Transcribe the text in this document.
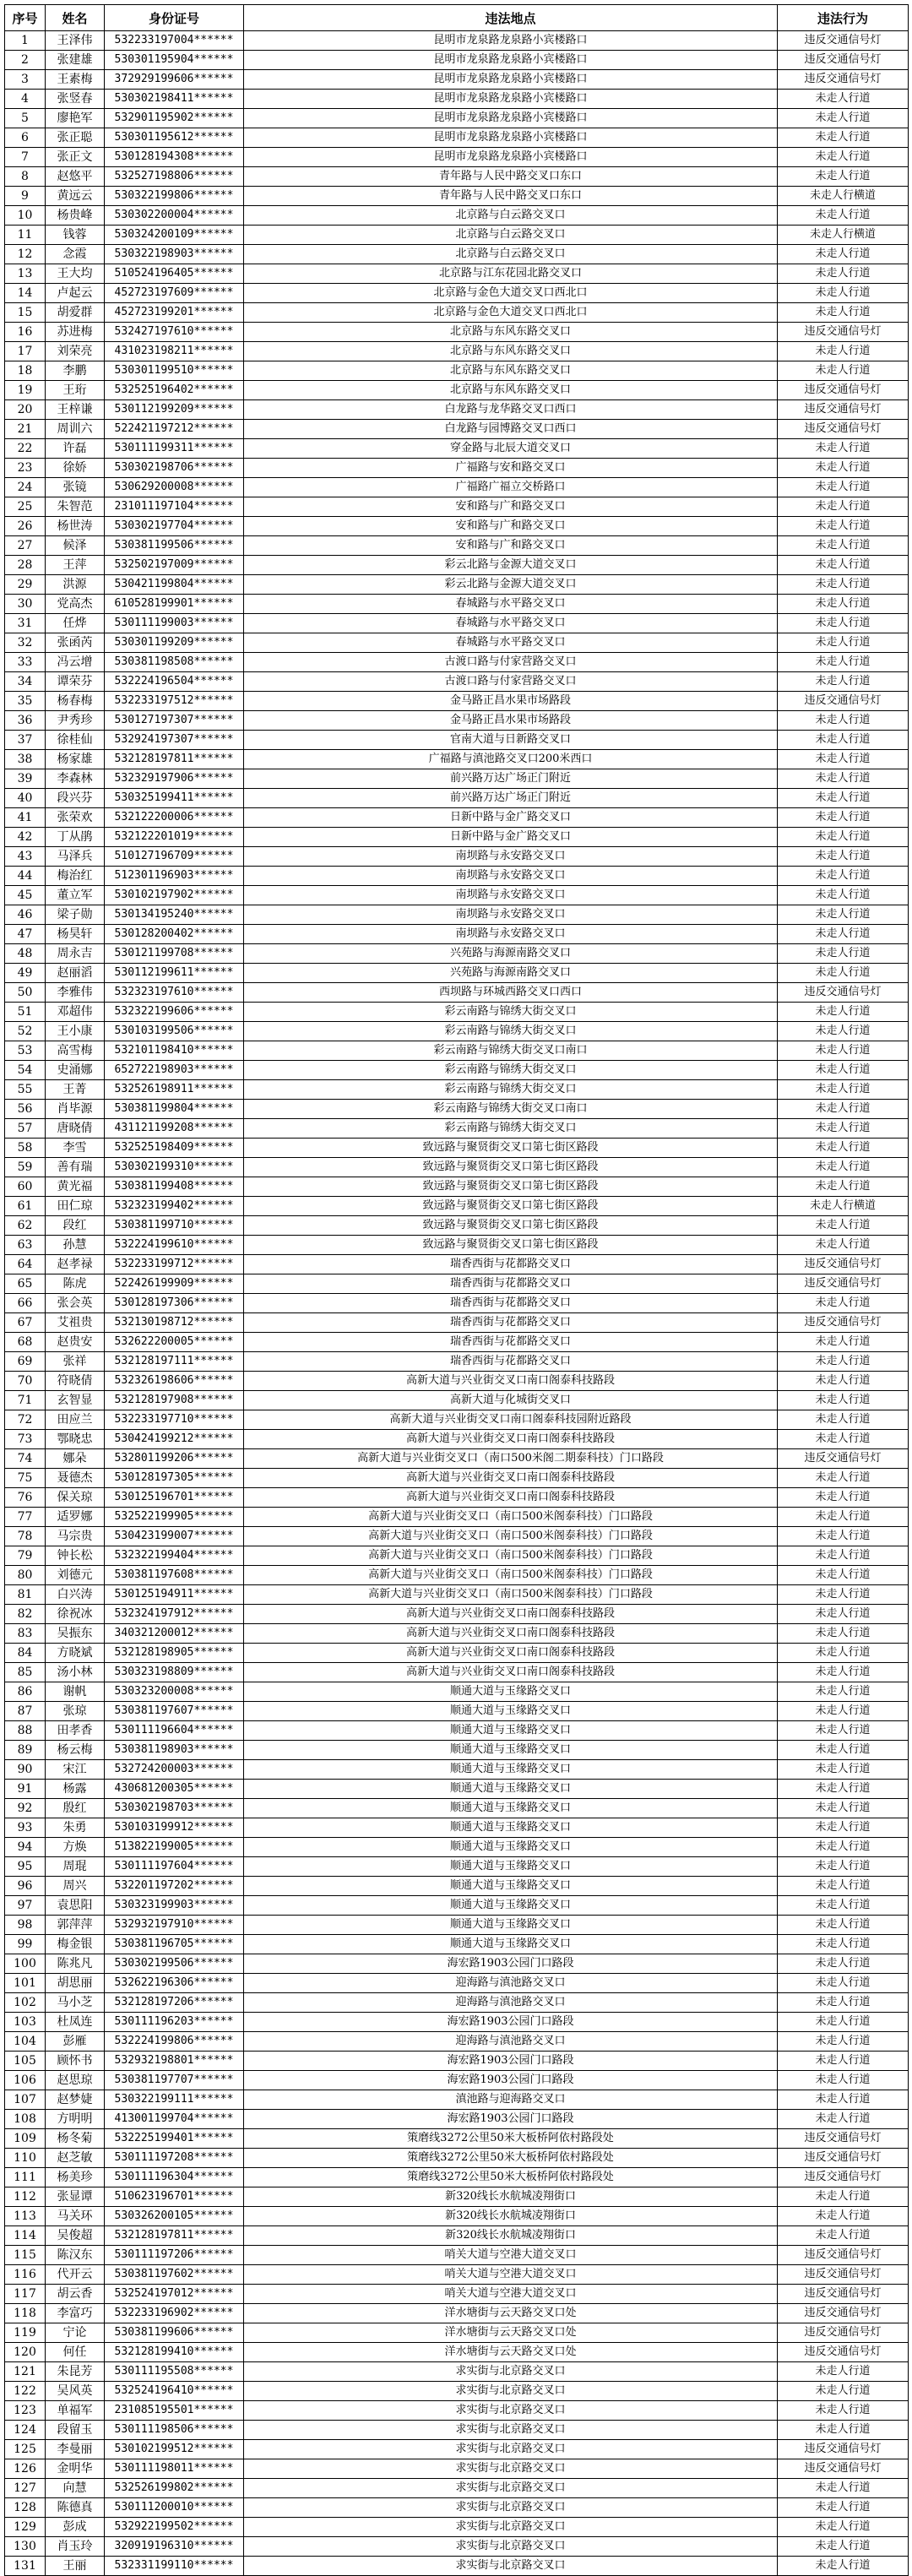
序号	姓名	身份证号	违法地点	违法行为
1	王泽伟	532233197004******	昆明市龙泉路龙泉路小宾楼路口	违反交通信号灯
2	张建雄	530301195904******	昆明市龙泉路龙泉路小宾楼路口	违反交通信号灯
3	王素梅	372929199606******	昆明市龙泉路龙泉路小宾楼路口	违反交通信号灯
4	张竖春	530302198411******	昆明市龙泉路龙泉路小宾楼路口	未走人行道
5	廖艳军	532901195902******	昆明市龙泉路龙泉路小宾楼路口	未走人行道
6	张正聪	530301195612******	昆明市龙泉路龙泉路小宾楼路口	未走人行道
7	张正文	530128194308******	昆明市龙泉路龙泉路小宾楼路口	未走人行道
8	赵悠平	532527198806******	青年路与人民中路交叉口东口	未走人行道
9	黄远云	530322199806******	青年路与人民中路交叉口东口	未走人行横道
10	杨贵峰	530302200004******	北京路与白云路交叉口	未走人行道
11	钱蓉	530324200109******	北京路与白云路交叉口	未走人行横道
12	念霞	530322198903******	北京路与白云路交叉口	未走人行道
13	王大均	510524196405******	北京路与江东花园北路交叉口	未走人行道
14	卢起云	452723197609******	北京路与金色大道交叉口西北口	未走人行道
15	胡爱群	452723199201******	北京路与金色大道交叉口西北口	未走人行道
16	苏进梅	532427197610******	北京路与东风东路交叉口	违反交通信号灯
17	刘荣亮	431023198211******	北京路与东风东路交叉口	未走人行道
18	李鹏	530301199510******	北京路与东风东路交叉口	未走人行道
19	王珩	532525196402******	北京路与东风东路交叉口	违反交通信号灯
20	王梓谦	530112199209******	白龙路与龙华路交叉口西口	违反交通信号灯
21	周训六	522421197212******	白龙路与园博路交叉口西口	违反交通信号灯
22	许磊	530111199311******	穿金路与北辰大道交叉口	未走人行道
23	徐娇	530302198706******	广福路与安和路交叉口	未走人行道
24	张镜	530629200008******	广福路广福立交桥路口	未走人行道
25	朱智范	231011197104******	安和路与广和路交叉口	未走人行道
26	杨世涛	530302197704******	安和路与广和路交叉口	未走人行道
27	候泽	530381199506******	安和路与广和路交叉口	未走人行道
28	王萍	532502197009******	彩云北路与金源大道交叉口	未走人行道
29	洪源	530421199804******	彩云北路与金源大道交叉口	未走人行道
30	党高杰	610528199901******	春城路与水平路交叉口	未走人行道
31	任烨	530111199003******	春城路与水平路交叉口	未走人行道
32	张函芮	530301199209******	春城路与水平路交叉口	未走人行道
33	冯云增	530381198508******	古渡口路与付家营路交叉口	未走人行道
34	谭荣芬	532224196504******	古渡口路与付家营路交叉口	未走人行道
35	杨春梅	532233197512******	金马路正昌水果市场路段	违反交通信号灯
36	尹秀珍	530127197307******	金马路正昌水果市场路段	未走人行道
37	徐桂仙	532924197307******	官南大道与日新路交叉口	未走人行道
38	杨家雄	532128197811******	广福路与滇池路交叉口200米西口	未走人行道
39	李森林	532329197906******	前兴路万达广场正门附近	未走人行道
40	段兴芬	530325199411******	前兴路万达广场正门附近	未走人行道
41	张荣欢	532122200006******	日新中路与金广路交叉口	未走人行道
42	丁从鹃	532122201019******	日新中路与金广路交叉口	未走人行道
43	马泽兵	510127196709******	南坝路与永安路交叉口	未走人行道
44	梅治红	512301196903******	南坝路与永安路交叉口	未走人行道
45	董立军	530102197902******	南坝路与永安路交叉口	未走人行道
46	梁子勋	530134195240******	南坝路与永安路交叉口	未走人行道
47	杨昊轩	530128200402******	南坝路与永安路交叉口	未走人行道
48	周永吉	530121199708******	兴苑路与海源南路交叉口	未走人行道
49	赵丽滔	530112199611******	兴苑路与海源南路交叉口	未走人行道
50	李雅伟	532323197610******	西坝路与环城西路交叉口西口	违反交通信号灯
51	邓超伟	532322199606******	彩云南路与锦绣大街交叉口	未走人行道
52	王小康	530103199506******	彩云南路与锦绣大街交叉口	未走人行道
53	高雪梅	532101198410******	彩云南路与锦绣大街交叉口南口	未走人行道
54	史涌娜	652722198903******	彩云南路与锦绣大街交叉口	未走人行道
55	王菁	532526198911******	彩云南路与锦绣大街交叉口	未走人行道
56	肖毕源	530381199804******	彩云南路与锦绣大街交叉口南口	未走人行道
57	唐晓倩	431121199208******	彩云南路与锦绣大街交叉口	未走人行道
58	李雪	532525198409******	致远路与聚贤街交叉口第七街区路段	未走人行道
59	善有瑞	530302199310******	致远路与聚贤街交叉口第七街区路段	未走人行道
60	黄光福	530381199408******	致远路与聚贤街交叉口第七街区路段	未走人行道
61	田仁琼	532323199402******	致远路与聚贤街交叉口第七街区路段	未走人行横道
62	段红	530381199710******	致远路与聚贤街交叉口第七街区路段	未走人行道
63	孙慧	532224199610******	致远路与聚贤街交叉口第七街区路段	未走人行道
64	赵孝禄	532233199712******	瑞香西街与花都路交叉口	违反交通信号灯
65	陈虎	522426199909******	瑞香西街与花都路交叉口	违反交通信号灯
66	张会英	530128197306******	瑞香西街与花都路交叉口	未走人行道
67	艾祖贵	532130198712******	瑞香西街与花都路交叉口	违反交通信号灯
68	赵贵安	532622200005******	瑞香西街与花都路交叉口	未走人行道
69	张祥	532128197111******	瑞香西街与花都路交叉口	未走人行道
70	符晓倩	532326198606******	高新大道与兴业街交叉口南口阁泰科技路段	未走人行道
71	玄智显	532128197908******	高新大道与化城街交叉口	未走人行道
72	田应兰	532233197710******	高新大道与兴业街交叉口南口阁泰科技园附近路段	未走人行道
73	鄂晓忠	530424199212******	高新大道与兴业街交叉口南口阁泰科技路段	未走人行道
74	娜朵	532801199206******	高新大道与兴业街交叉口（南口500米阁二期泰科技）门口路段	违反交通信号灯
75	聂德杰	530128197305******	高新大道与兴业街交叉口南口阁泰科技路段	未走人行道
76	保关琼	530125196701******	高新大道与兴业街交叉口南口阁泰科技路段	未走人行道
77	适罗娜	532522199905******	高新大道与兴业街交叉口（南口500米阁泰科技）门口路段	未走人行道
78	马宗贵	530423199007******	高新大道与兴业街交叉口（南口500米阁泰科技）门口路段	未走人行道
79	钟长松	532322199404******	高新大道与兴业街交叉口（南口500米阁泰科技）门口路段	未走人行道
80	刘德元	530381197608******	高新大道与兴业街交叉口（南口500米阁泰科技）门口路段	未走人行道
81	白兴涛	530125194911******	高新大道与兴业街交叉口（南口500米阁泰科技）门口路段	未走人行道
82	徐祝冰	532324197912******	高新大道与兴业街交叉口南口阁泰科技路段	未走人行道
83	吴振东	340321200012******	高新大道与兴业街交叉口南口阁泰科技路段	未走人行道
84	方晓斌	532128198905******	高新大道与兴业街交叉口南口阁泰科技路段	未走人行道
85	汤小林	530323198809******	高新大道与兴业街交叉口南口阁泰科技路段	未走人行道
86	谢帆	530323200008******	顺通大道与玉缘路交叉口	未走人行道
87	张琼	530381197607******	顺通大道与玉缘路交叉口	未走人行道
88	田孝香	530111196604******	顺通大道与玉缘路交叉口	未走人行道
89	杨云梅	530381198903******	顺通大道与玉缘路交叉口	未走人行道
90	宋江	532724200003******	顺通大道与玉缘路交叉口	未走人行道
91	杨露	430681200305******	顺通大道与玉缘路交叉口	未走人行道
92	殷红	530302198703******	顺通大道与玉缘路交叉口	未走人行道
93	朱勇	530103199912******	顺通大道与玉缘路交叉口	未走人行道
94	方焕	513822199005******	顺通大道与玉缘路交叉口	未走人行道
95	周琨	530111197604******	顺通大道与玉缘路交叉口	未走人行道
96	周兴	532201197202******	顺通大道与玉缘路交叉口	未走人行道
97	袁思阳	530323199903******	顺通大道与玉缘路交叉口	未走人行道
98	郭萍萍	532932197910******	顺通大道与玉缘路交叉口	未走人行道
99	梅金银	530381196705******	顺通大道与玉缘路交叉口	未走人行道
100	陈兆凡	530302199506******	海宏路1903公园门口路段	未走人行道
101	胡思丽	532622196306******	迎海路与滇池路交叉口	未走人行道
102	马小芝	532128197206******	迎海路与滇池路交叉口	未走人行道
103	杜凤连	530111196203******	海宏路1903公园门口路段	未走人行道
104	彭雁	532224199806******	迎海路与滇池路交叉口	未走人行道
105	顾怀书	532932198801******	海宏路1903公园门口路段	未走人行道
106	赵思琼	530381197707******	海宏路1903公园门口路段	未走人行道
107	赵梦婕	530322199111******	滇池路与迎海路交叉口	未走人行道
108	方明明	413001199704******	海宏路1903公园门口路段	未走人行道
109	杨冬菊	532225199401******	策磨线3272公里50米大板桥阿依村路段处	违反交通信号灯
110	赵芝敏	530111197208******	策磨线3272公里50米大板桥阿依村路段处	违反交通信号灯
111	杨美珍	530111196304******	策磨线3272公里50米大板桥阿依村路段处	违反交通信号灯
112	张显谭	510623196701******	新320线长水航城凌翔街口	未走人行道
113	马关环	530326200105******	新320线长水航城凌翔街口	未走人行道
114	吴俊超	532128197811******	新320线长水航城凌翔街口	未走人行道
115	陈汉东	530111197206******	哨关大道与空港大道交叉口	违反交通信号灯
116	代开云	530381197602******	哨关大道与空港大道交叉口	违反交通信号灯
117	胡云香	532524197012******	哨关大道与空港大道交叉口	违反交通信号灯
118	李富巧	532233196902******	洋水塘街与云天路交叉口处	违反交通信号灯
119	宁论	530381199606******	洋水塘街与云天路交叉口处	违反交通信号灯
120	何任	532128199410******	洋水塘街与云天路交叉口处	违反交通信号灯
121	朱昆芳	530111195508******	求实街与北京路交叉口	未走人行道
122	吴风英	532524196410******	求实街与北京路交叉口	未走人行道
123	单福军	231085195501******	求实街与北京路交叉口	未走人行道
124	段留玉	530111198506******	求实街与北京路交叉口	未走人行道
125	李曼丽	530102199512******	求实街与北京路交叉口	违反交通信号灯
126	金明华	530111198011******	求实街与北京路交叉口	违反交通信号灯
127	向慧	532526199802******	求实街与北京路交叉口	未走人行道
128	陈德真	530111200010******	求实街与北京路交叉口	未走人行道
129	彭成	532922199502******	求实街与北京路交叉口	未走人行道
130	肖玉玲	320919196310******	求实街与北京路交叉口	未走人行道
131	王丽	532331199110******	求实街与北京路交叉口	未走人行道
